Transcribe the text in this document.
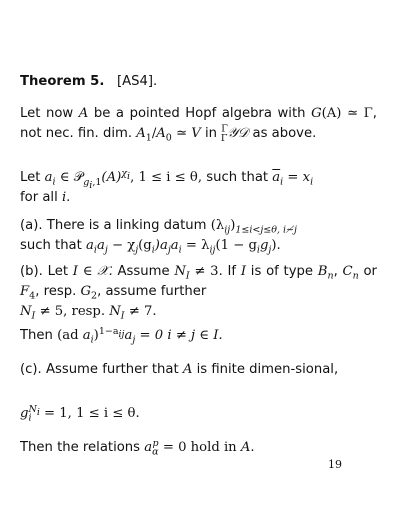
Theorem 5. [AS4].
Let now A be a pointed Hopf algebra with G(A) ≃ Γ, not nec. fin. dim. $A_1/A_0$ ≃ V in $^\Gamma_\Gamma$𝒴𝒟 as above.
Let $a_i$ ∈ $𝒫_{g_i,1}(A)^{\chi_i}$, 1 ≤ i ≤ θ, such that $\overline{a}_i = x_i$
for all i.
(a). There is a linking datum $(\lambda_{ij})_{1\le i<j\le\theta, i≁j}$
such that $a_ia_j - \chi_j(g_i)a_ja_i = \lambda_{ij}(1 - g_ig_j)$.
(b). Let I ∈ 𝒳. Assume $N_I \ne 3$. If I is of type $B_n$, $C_n$ or $F_4$, resp. $G_2$, assume further
$N_I \ne 5$, resp. $N_I \ne 7$.
Then (ad $a_i)^{1-a_{ij}}a_j = 0$ i ≠ j ∈ I.
(c). Assume further that A is finite dimen-sional,
$g_i^{N_i} = 1$, 1 ≤ i ≤ θ.
Then the relations $a_\alpha^p = 0$ hold in A.
19
